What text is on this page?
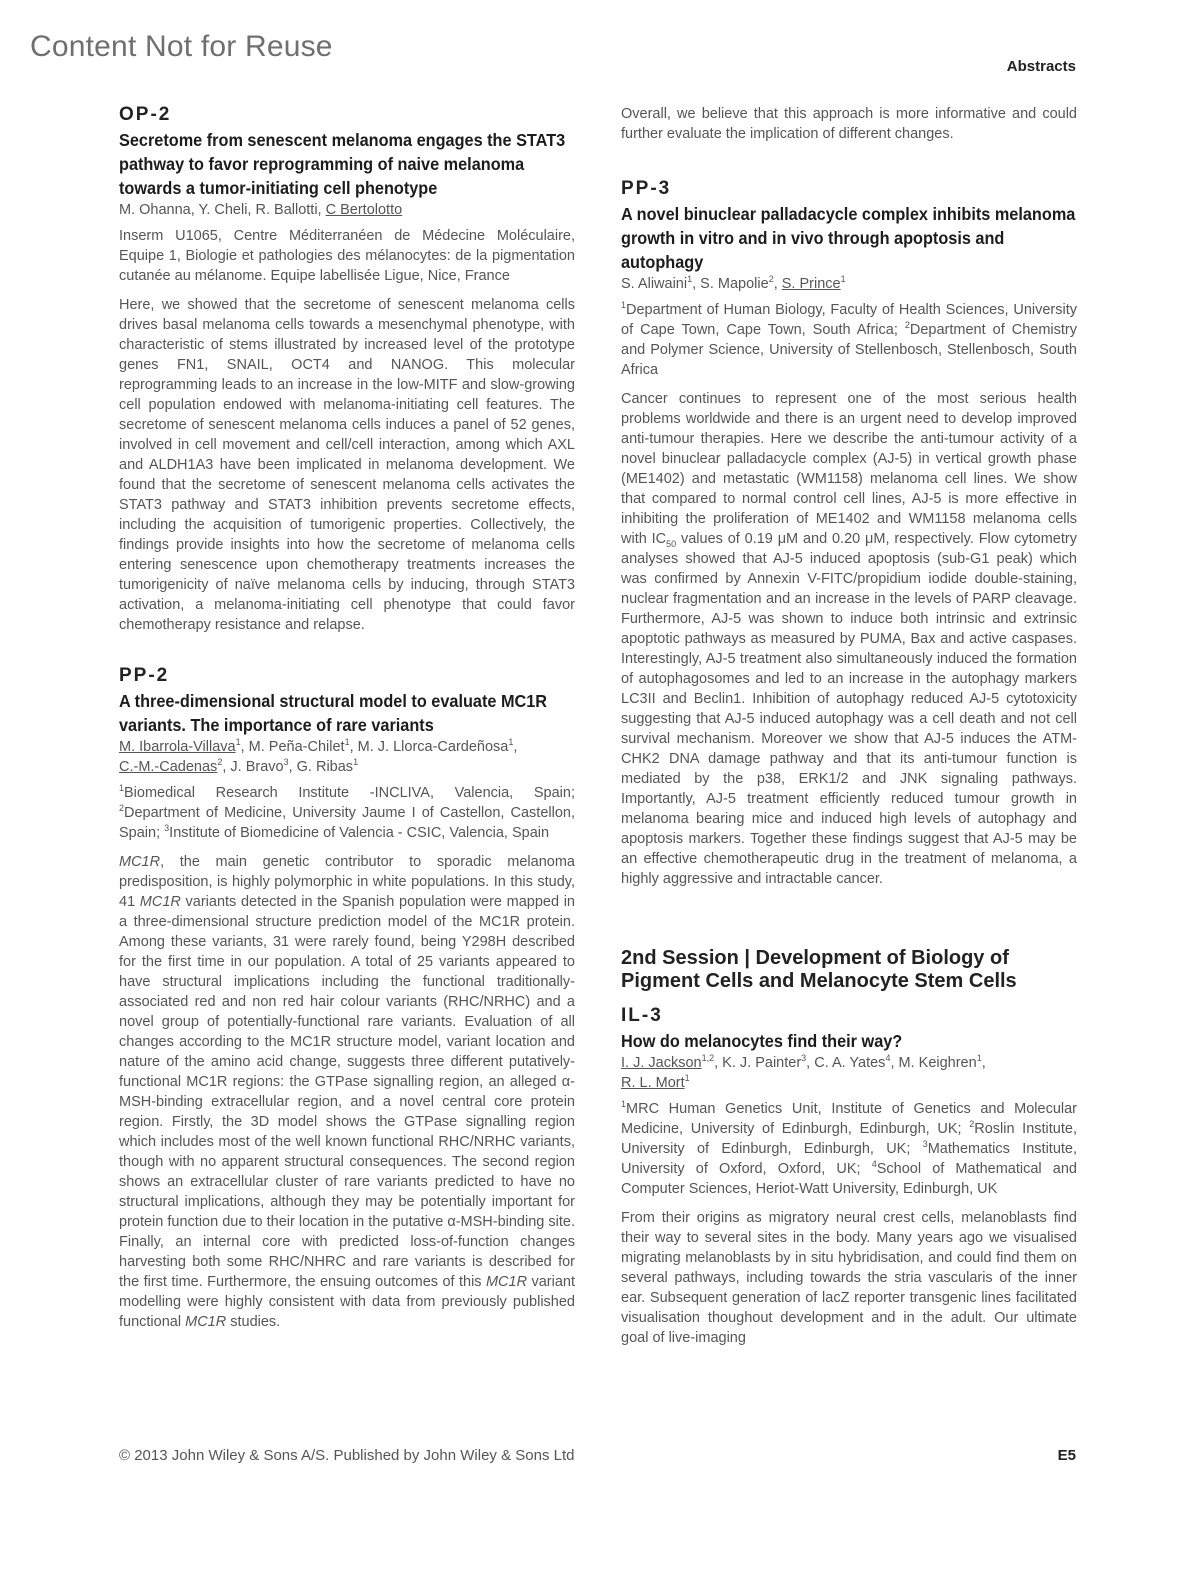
Content Not for Reuse
Abstracts
OP-2
Secretome from senescent melanoma engages the STAT3 pathway to favor reprogramming of naive melanoma towards a tumor-initiating cell phenotype
M. Ohanna, Y. Cheli, R. Ballotti, C Bertolotto
Inserm U1065, Centre Méditerranéen de Médecine Moléculaire, Equipe 1, Biologie et pathologies des mélanocytes: de la pigmentation cutanée au mélanome. Equipe labellisée Ligue, Nice, France
Here, we showed that the secretome of senescent melanoma cells drives basal melanoma cells towards a mesenchymal phenotype, with characteristic of stems illustrated by increased level of the prototype genes FN1, SNAIL, OCT4 and NANOG. This molecular reprogramming leads to an increase in the low-MITF and slow-growing cell population endowed with melanoma-initiating cell features. The secretome of senescent melanoma cells induces a panel of 52 genes, involved in cell movement and cell/cell interaction, among which AXL and ALDH1A3 have been implicated in melanoma development. We found that the secretome of senescent melanoma cells activates the STAT3 pathway and STAT3 inhibition prevents secretome effects, including the acquisition of tumorigenic properties. Collectively, the findings provide insights into how the secretome of melanoma cells entering senescence upon chemotherapy treatments increases the tumorigenicity of naïve melanoma cells by inducing, through STAT3 activation, a melanoma-initiating cell phenotype that could favor chemotherapy resistance and relapse.
PP-2
A three-dimensional structural model to evaluate MC1R variants. The importance of rare variants
M. Ibarrola-Villava$^1$, M. Peña-Chilet$^1$, M. J. Llorca-Cardeñosa$^1$,
C.-M.-Cadenas$^2$, J. Bravo$^3$, G. Ribas$^1$
$^1$Biomedical Research Institute -INCLIVA, Valencia, Spain; $^2$Department of Medicine, University Jaume I of Castellon, Castellon, Spain; $^3$Institute of Biomedicine of Valencia - CSIC, Valencia, Spain
MC1R, the main genetic contributor to sporadic melanoma predisposition, is highly polymorphic in white populations. In this study, 41 MC1R variants detected in the Spanish population were mapped in a three-dimensional structure prediction model of the MC1R protein. Among these variants, 31 were rarely found, being Y298H described for the first time in our population. A total of 25 variants appeared to have structural implications including the functional traditionally-associated red and non red hair colour variants (RHC/NRHC) and a novel group of potentially-functional rare variants. Evaluation of all changes according to the MC1R structure model, variant location and nature of the amino acid change, suggests three different putatively-functional MC1R regions: the GTPase signalling region, an alleged α-MSH-binding extracellular region, and a novel central core protein region. Firstly, the 3D model shows the GTPase signalling region which includes most of the well known functional RHC/NRHC variants, though with no apparent structural consequences. The second region shows an extracellular cluster of rare variants predicted to have no structural implications, although they may be potentially important for protein function due to their location in the putative α-MSH-binding site. Finally, an internal core with predicted loss-of-function changes harvesting both some RHC/NHRC and rare variants is described for the first time. Furthermore, the ensuing outcomes of this MC1R variant modelling were highly consistent with data from previously published functional MC1R studies.
Overall, we believe that this approach is more informative and could further evaluate the implication of different changes.
PP-3
A novel binuclear palladacycle complex inhibits melanoma growth in vitro and in vivo through apoptosis and autophagy
S. Aliwaini$^1$, S. Mapolie$^2$, S. Prince$^1$
$^1$Department of Human Biology, Faculty of Health Sciences, University of Cape Town, Cape Town, South Africa; $^2$Department of Chemistry and Polymer Science, University of Stellenbosch, Stellenbosch, South Africa
Cancer continues to represent one of the most serious health problems worldwide and there is an urgent need to develop improved anti-tumour therapies. Here we describe the anti-tumour activity of a novel binuclear palladacycle complex (AJ-5) in vertical growth phase (ME1402) and metastatic (WM1158) melanoma cell lines. We show that compared to normal control cell lines, AJ-5 is more effective in inhibiting the proliferation of ME1402 and WM1158 melanoma cells with $IC_{50}$ values of 0.19 μM and 0.20 μM, respectively. Flow cytometry analyses showed that AJ-5 induced apoptosis (sub-G1 peak) which was confirmed by Annexin V-FITC/propidium iodide double-staining, nuclear fragmentation and an increase in the levels of PARP cleavage. Furthermore, AJ-5 was shown to induce both intrinsic and extrinsic apoptotic pathways as measured by PUMA, Bax and active caspases. Interestingly, AJ-5 treatment also simultaneously induced the formation of autophagosomes and led to an increase in the autophagy markers LC3II and Beclin1. Inhibition of autophagy reduced AJ-5 cytotoxicity suggesting that AJ-5 induced autophagy was a cell death and not cell survival mechanism. Moreover we show that AJ-5 induces the ATM-CHK2 DNA damage pathway and that its anti-tumour function is mediated by the p38, ERK1/2 and JNK signaling pathways. Importantly, AJ-5 treatment efficiently reduced tumour growth in melanoma bearing mice and induced high levels of autophagy and apoptosis markers. Together these findings suggest that AJ-5 may be an effective chemotherapeutic drug in the treatment of melanoma, a highly aggressive and intractable cancer.
2nd Session | Development of Biology of Pigment Cells and Melanocyte Stem Cells
IL-3
How do melanocytes find their way?
I. J. Jackson$^{1,2}$, K. J. Painter$^3$, C. A. Yates$^4$, M. Keighren$^1$,
R. L. Mort$^1$
$^1$MRC Human Genetics Unit, Institute of Genetics and Molecular Medicine, University of Edinburgh, Edinburgh, UK; $^2$Roslin Institute, University of Edinburgh, Edinburgh, UK; $^3$Mathematics Institute, University of Oxford, Oxford, UK; $^4$School of Mathematical and Computer Sciences, Heriot-Watt University, Edinburgh, UK
From their origins as migratory neural crest cells, melanoblasts find their way to several sites in the body. Many years ago we visualised migrating melanoblasts by in situ hybridisation, and could find them on several pathways, including towards the stria vascularis of the inner ear. Subsequent generation of lacZ reporter transgenic lines facilitated visualisation thoughout development and in the adult. Our ultimate goal of live-imaging
© 2013 John Wiley & Sons A/S. Published by John Wiley & Sons Ltd	E5
